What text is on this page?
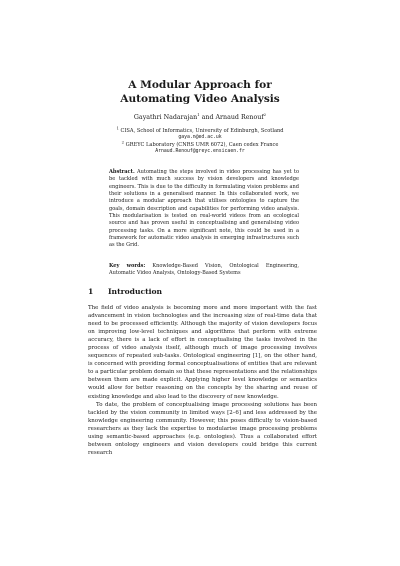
A Modular Approach for
Automating Video Analysis
Gayathri Nadarajan$^1$ and Arnaud Renouf$^2$
$^1$ CISA, School of Informatics, University of Edinburgh, Scotland
gaya.n@ed.ac.uk
$^2$ GREYC Laboratory (CNRS UMR 6072), Caen cedex France
Arnaud.Renouf@greyc.ensicaen.fr
Abstract. Automating the steps involved in video processing has yet to be tackled with much success by vision developers and knowledge engineers. This is due to the difficulty in formulating vision problems and their solutions in a generalised manner. In this collaborated work, we introduce a modular approach that utilises ontologies to capture the goals, domain description and capabilities for performing video analysis. This modularisation is tested on real-world videos from an ecological source and has proven useful in conceptualising and generalising video processing tasks. On a more significant note, this could be used in a framework for automatic video analysis in emerging infrastructures such as the Grid.
Key words: Knowledge-Based Vision, Ontological Engineering, Automatic Video Analysis, Ontology-Based Systems
1 Introduction

The field of video analysis is becoming more and more important with the fast advancement in vision technologies and the increasing size of real-time data that need to be processed efficiently. Although the majority of vision developers focus on improving low-level techniques and algorithms that perform with extreme accuracy, there is a lack of effort in conceptualising the tasks involved in the process of video analysis itself, although much of image processing involves sequences of repeated sub-tasks. Ontological engineering [1], on the other hand, is concerned with providing formal conceptualisations of entities that are relevant to a particular problem domain so that these representations and the relationships between them are made explicit. Applying higher level knowledge or semantics would allow for better reasoning on the concepts by the sharing and reuse of existing knowledge and also lead to the discovery of new knowledge.

To date, the problem of conceptualising image processing solutions has been tackled by the vision community in limited ways [2–6] and less addressed by the knowledge engineering community. However, this poses difficulty to vision-based researchers as they lack the expertise to modularise image processing problems using semantic-based approaches (e.g. ontologies). Thus a collaborated effort between ontology engineers and vision developers could bridge this current research
